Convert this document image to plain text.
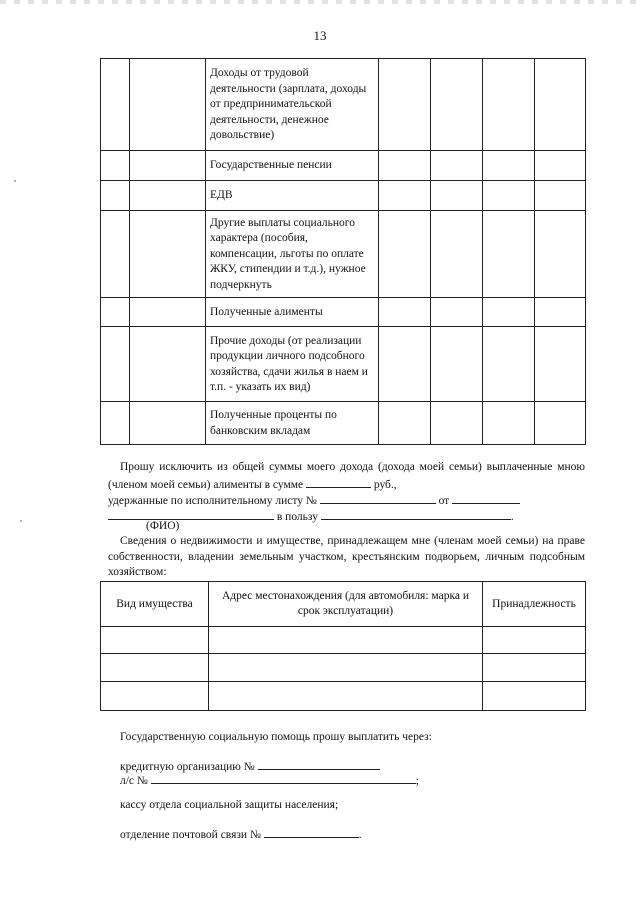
13
		Доходы от трудовой деятельности (зарплата, доходы от предпринимательской деятельности, денежное довольствие)				
		Государственные пенсии				
		ЕДВ				
		Другие выплаты социального характера (пособия, компенсации, льготы по оплате ЖКУ, стипендии и т.д.), нужное подчеркнуть				
		Полученные алименты				
		Прочие доходы (от реализации продукции личного подсобного хозяйства, сдачи жилья в наем и т.п. - указать их вид)				
		Полученные проценты по банковским вкладам				
Прошу исключить из общей суммы моего дохода (дохода моей семьи) выплаченные мною
(членом моей семьи) алименты в сумме	руб.,
удержанные по исполнительному листу №	от
в пользу	.
(ФИО)
Сведения о недвижимости и имуществе, принадлежащем мне (членам моей семьи) на праве
собственности, владении земельным участком, крестьянским подворьем, личным подсобным
хозяйством:
Вид имущества	Адрес местонахождения (для автомобиля: марка и срок эксплуатации)	Принадлежность

Государственную социальную помощь прошу выплатить через:
кредитную организацию №
л/с №	;
кассу отдела социальной защиты населения;
отделение почтовой связи №	.
